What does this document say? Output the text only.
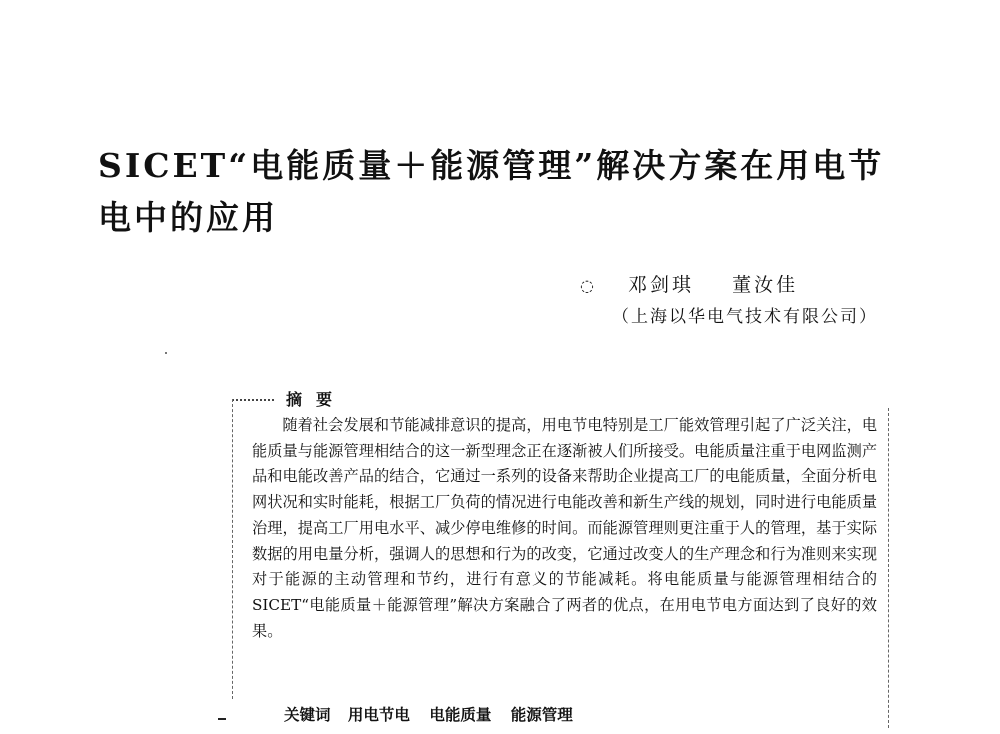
SICET“电能质量＋能源管理”解决方案在用电节电中的应用
◌ 邓剑琪 董汝佳
（上海以华电气技术有限公司）
摘要

随着社会发展和节能减排意识的提高，用电节电特别是工厂能效管理引起了广泛关注，电能质量与能源管理相结合的这一新型理念正在逐渐被人们所接受。电能质量注重于电网监测产品和电能改善产品的结合，它通过一系列的设备来帮助企业提高工厂的电能质量，全面分析电网状况和实时能耗，根据工厂负荷的情况进行电能改善和新生产线的规划，同时进行电能质量治理，提高工厂用电水平、减少停电维修的时间。而能源管理则更注重于人的管理，基于实际数据的用电量分析，强调人的思想和行为的改变，它通过改变人的生产理念和行为准则来实现对于能源的主动管理和节约，进行有意义的节能减耗。将电能质量与能源管理相结合的SICET“电能质量＋能源管理”解决方案融合了两者的优点，在用电节电方面达到了良好的效果。

关键词 用电节电 电能质量 能源管理
